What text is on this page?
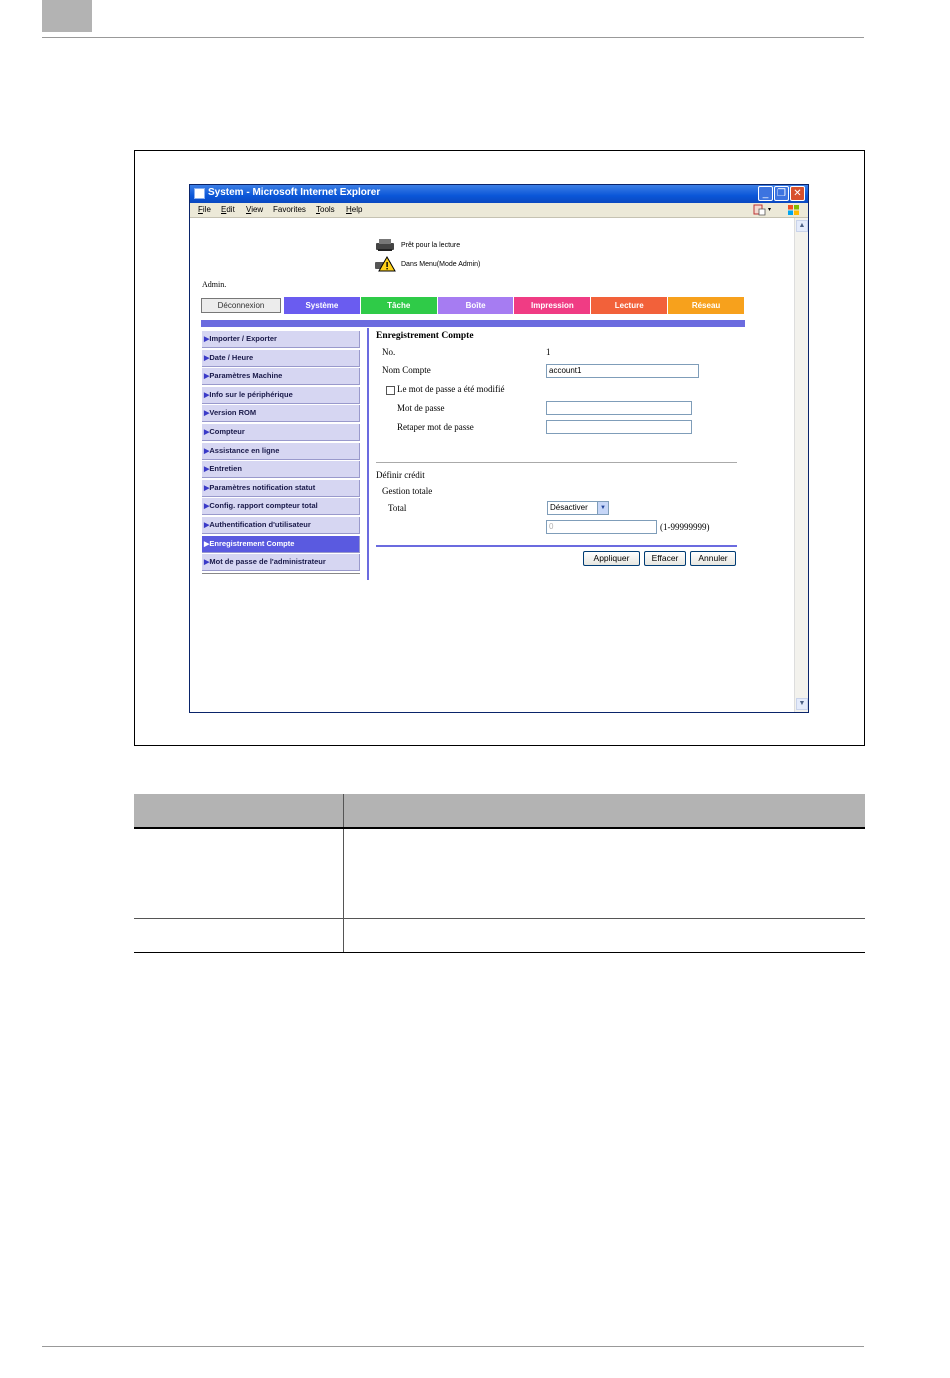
System - Microsoft Internet Explorer	_ ❐ ✕
File Edit View Favorites Tools Help	▾
Prêt pour la lecture
Dans Menu(Mode Admin)
Admin.
Déconnexion	Système	Tâche	Boîte	Impression	Lecture	Réseau
▶Importer / Exporter
▶Date / Heure
▶Paramètres Machine
▶Info sur le périphérique
▶Version ROM
▶Compteur
▶Assistance en ligne
▶Entretien
▶Paramètres notification statut
▶Config. rapport compteur total
▶Authentification d'utilisateur
▶Enregistrement Compte
▶Mot de passe de l'administrateur
Enregistrement Compte
No.	1
Nom Compte	account1
Le mot de passe a été modifié
Mot de passe
Retaper mot de passe
Définir crédit
Gestion totale
Total	Désactiver	▼
0	(1-99999999)
Appliquer	Effacer	Annuler
▲
▼
